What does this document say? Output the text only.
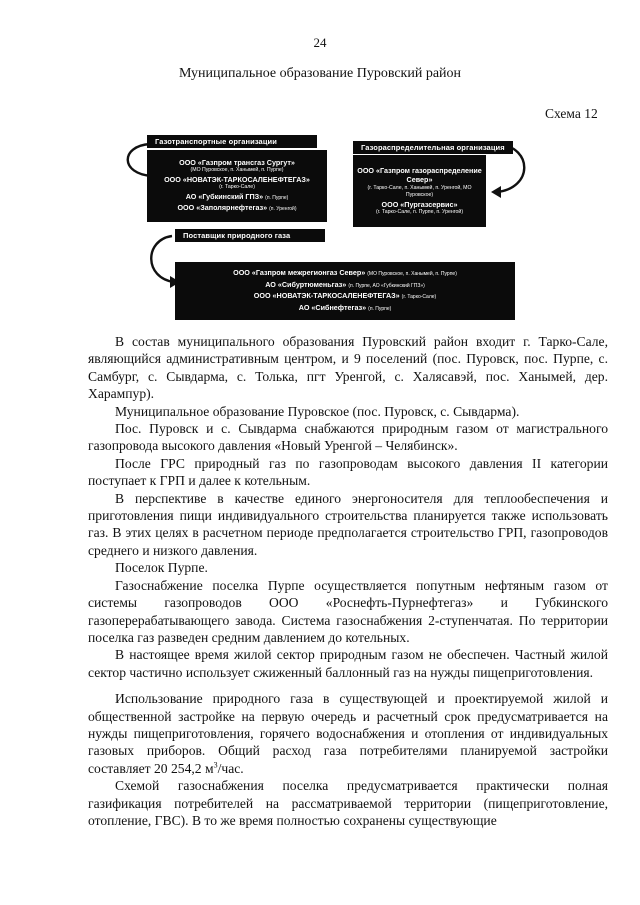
24
Муниципальное образование Пуровский район
Схема 12
Газотранспортные организации
ООО «Газпром трансгаз Сургут»
(МО Пуровское, п. Ханымей, п. Пурпе)
ООО «НОВАТЭК-ТАРКОСАЛЕНЕФТЕГАЗ»
(г. Тарко-Сале)
АО «Губкинский ГПЗ» (п. Пурпе)
ООО «Заполярнефтегаз» (п. Уренгой)
Газораспределительная организация
ООО «Газпром газораспределение
Север»
(г. Тарко-Сале, п. Ханымей, п. Уренгой, МО
Пуровское)
ООО «Пургазсервис»
(г. Тарко-Сале, п. Пурпе, п. Уренгой)
Поставщик природного газа
ООО «Газпром межрегионгаз Север» (МО Пуровское, п. Ханымей, п. Пурпе)
АО «Сибуртюменьгаз» (п. Пурпе, АО «Губкинский ГПЗ»)
ООО «НОВАТЭК-ТАРКОСАЛЕНЕФТЕГАЗ» (г. Тарко-Сале)
АО «Сибнефтегаз» (п. Пурпе)

В состав муниципального образования Пуровский район входит г. Тарко-Сале, являющийся административным центром, и 9 поселений (пос. Пуровск, пос. Пурпе, с. Самбург, с. Сывдарма, с. Толька, пгт Уренгой, с. Халясавэй, пос. Ханымей, дер. Харампур).

Муниципальное образование Пуровское (пос. Пуровск, с. Сывдарма).

Пос. Пуровск и с. Сывдарма снабжаются природным газом от магистрального газопровода высокого давления «Новый Уренгой – Челябинск».

После ГРС природный газ по газопроводам высокого давления II категории поступает к ГРП и далее к котельным.

В перспективе в качестве единого энергоносителя для теплообеспечения и приготовления пищи индивидуального строительства планируется также использовать газ. В этих целях в расчетном периоде предполагается строительство ГРП, газопроводов среднего и низкого давления.

Поселок Пурпе.

Газоснабжение поселка Пурпе осуществляется попутным нефтяным газом от системы газопроводов ООО «Роснефть-Пурнефтегаз» и Губкинского газоперерабатывающего завода. Система газоснабжения 2-ступенчатая. По территории поселка газ разведен средним давлением до котельных.

В настоящее время жилой сектор природным газом не обеспечен. Частный жилой сектор частично использует сжиженный баллонный газ на нужды пищеприготовления.

Использование природного газа в существующей и проектируемой жилой и общественной застройке на первую очередь и расчетный срок предусматривается на нужды пищеприготовления, горячего водоснабжения и отопления от индивидуальных газовых приборов. Общий расход газа потребителями планируемой застройки составляет 20 254,2 $м^3$/час.

Схемой газоснабжения поселка предусматривается практически полная газификация потребителей на рассматриваемой территории (пищеприготовление, отопление, ГВС). В то же время полностью сохранены существующие
